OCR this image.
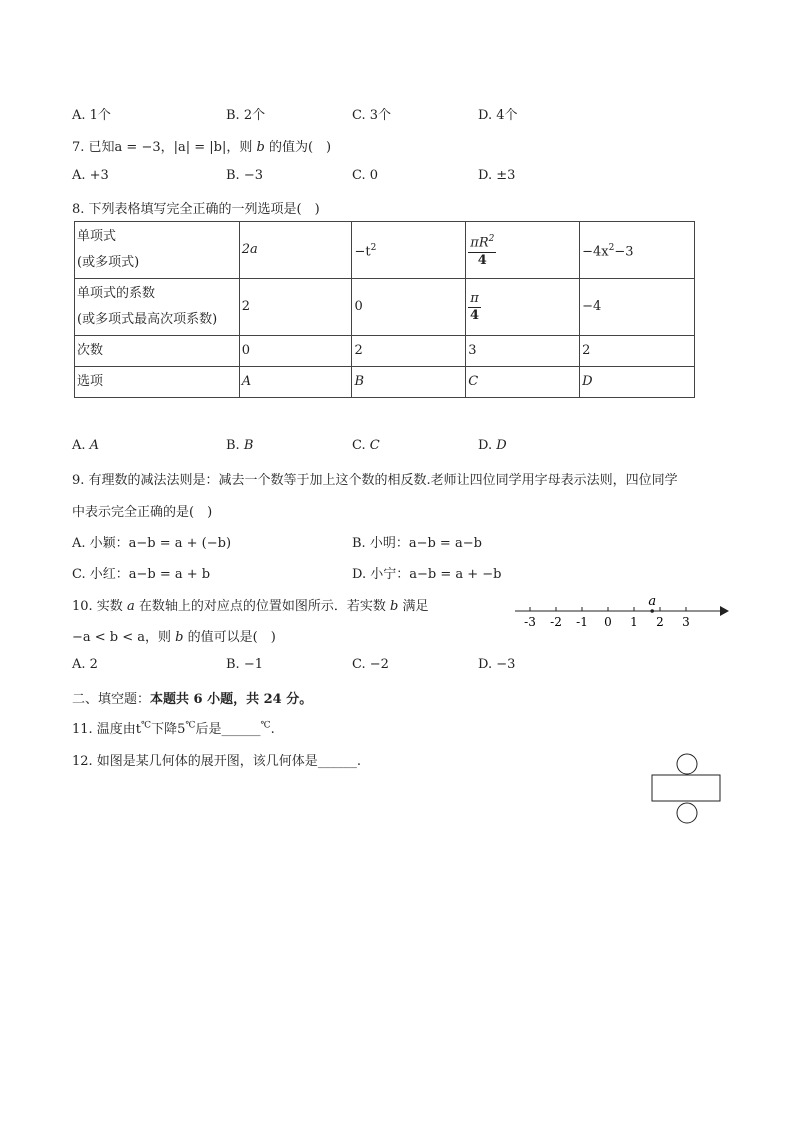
A. 1个	B. 2个	C. 3个	D. 4个
7. 已知a = −3，|a| = |b|，则 b 的值为(　)
A. +3	B. −3	C. 0	D. ±3
8. 下列表格填写完全正确的一列选项是(　)
单项式
(或多项式)	2a	$-t^2$	$\frac{\pi R^2}{4}$	$-4x^2-3$
单项式的系数
(或多项式最高次项系数)	2	0	$\frac{\pi}{4}$	−4
次数	0	2	3	2
选项	A	B	C	D
A. A	B. B	C. C	D. D
9. 有理数的减法法则是：减去一个数等于加上这个数的相反数.老师让四位同学用字母表示法则，四位同学
中表示完全正确的是(　)
A. 小颖：a−b = a + (−b)	B. 小明：a−b = a−b
C. 小红：a−b = a + b	D. 小宁：a−b = a + −b
10. 实数 a 在数轴上的对应点的位置如图所示．若实数 b 满足
−a < b < a，则 b 的值可以是(　)
-3 -2 -1 0 1 2 3
a
A. 2	B. −1	C. −2	D. −3
二、填空题：本题共 6 小题，共 24 分。
11. 温度由t℃下降5℃后是______℃.
12. 如图是某几何体的展开图，该几何体是______.
